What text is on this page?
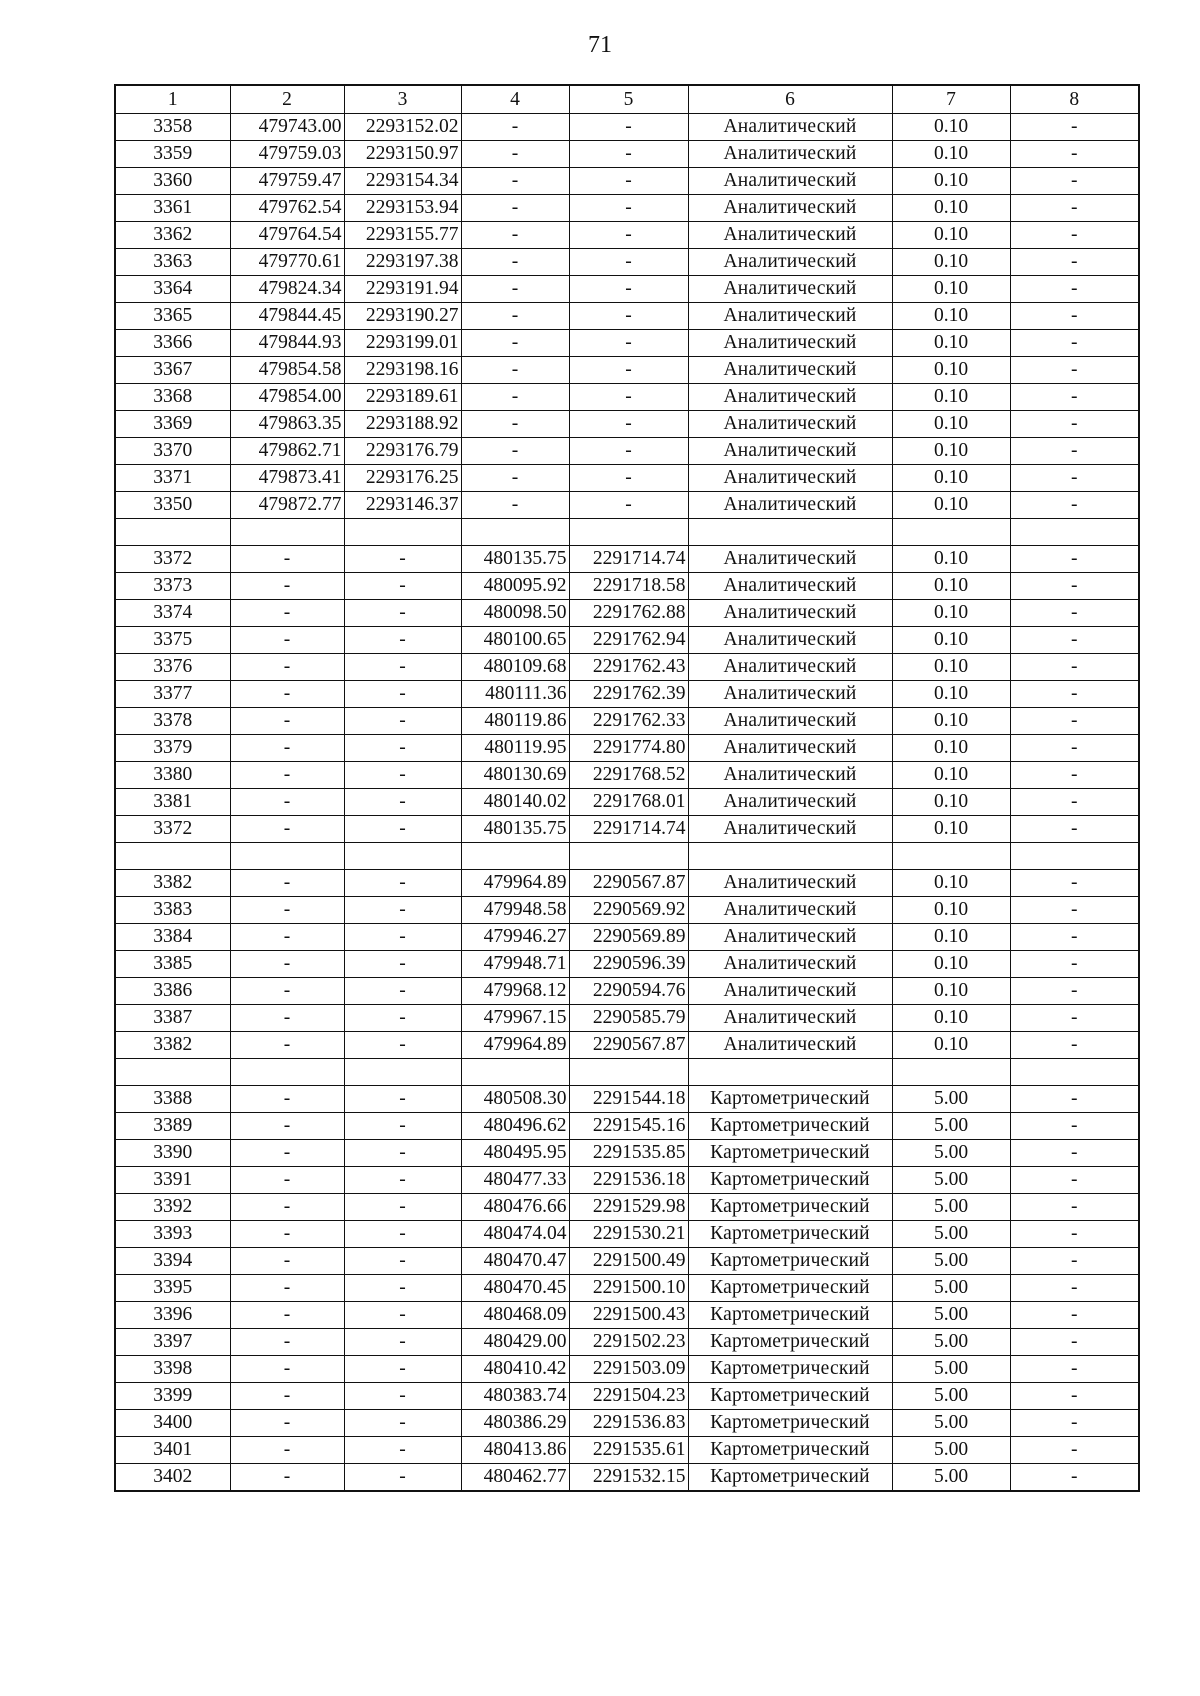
71
1	2	3	4	5	6	7	8
3358	479743.00	2293152.02	-	-	Аналитический	0.10	-
3359	479759.03	2293150.97	-	-	Аналитический	0.10	-
3360	479759.47	2293154.34	-	-	Аналитический	0.10	-
3361	479762.54	2293153.94	-	-	Аналитический	0.10	-
3362	479764.54	2293155.77	-	-	Аналитический	0.10	-
3363	479770.61	2293197.38	-	-	Аналитический	0.10	-
3364	479824.34	2293191.94	-	-	Аналитический	0.10	-
3365	479844.45	2293190.27	-	-	Аналитический	0.10	-
3366	479844.93	2293199.01	-	-	Аналитический	0.10	-
3367	479854.58	2293198.16	-	-	Аналитический	0.10	-
3368	479854.00	2293189.61	-	-	Аналитический	0.10	-
3369	479863.35	2293188.92	-	-	Аналитический	0.10	-
3370	479862.71	2293176.79	-	-	Аналитический	0.10	-
3371	479873.41	2293176.25	-	-	Аналитический	0.10	-
3350	479872.77	2293146.37	-	-	Аналитический	0.10	-

3372	-	-	480135.75	2291714.74	Аналитический	0.10	-
3373	-	-	480095.92	2291718.58	Аналитический	0.10	-
3374	-	-	480098.50	2291762.88	Аналитический	0.10	-
3375	-	-	480100.65	2291762.94	Аналитический	0.10	-
3376	-	-	480109.68	2291762.43	Аналитический	0.10	-
3377	-	-	480111.36	2291762.39	Аналитический	0.10	-
3378	-	-	480119.86	2291762.33	Аналитический	0.10	-
3379	-	-	480119.95	2291774.80	Аналитический	0.10	-
3380	-	-	480130.69	2291768.52	Аналитический	0.10	-
3381	-	-	480140.02	2291768.01	Аналитический	0.10	-
3372	-	-	480135.75	2291714.74	Аналитический	0.10	-

3382	-	-	479964.89	2290567.87	Аналитический	0.10	-
3383	-	-	479948.58	2290569.92	Аналитический	0.10	-
3384	-	-	479946.27	2290569.89	Аналитический	0.10	-
3385	-	-	479948.71	2290596.39	Аналитический	0.10	-
3386	-	-	479968.12	2290594.76	Аналитический	0.10	-
3387	-	-	479967.15	2290585.79	Аналитический	0.10	-
3382	-	-	479964.89	2290567.87	Аналитический	0.10	-

3388	-	-	480508.30	2291544.18	Картометрический	5.00	-
3389	-	-	480496.62	2291545.16	Картометрический	5.00	-
3390	-	-	480495.95	2291535.85	Картометрический	5.00	-
3391	-	-	480477.33	2291536.18	Картометрический	5.00	-
3392	-	-	480476.66	2291529.98	Картометрический	5.00	-
3393	-	-	480474.04	2291530.21	Картометрический	5.00	-
3394	-	-	480470.47	2291500.49	Картометрический	5.00	-
3395	-	-	480470.45	2291500.10	Картометрический	5.00	-
3396	-	-	480468.09	2291500.43	Картометрический	5.00	-
3397	-	-	480429.00	2291502.23	Картометрический	5.00	-
3398	-	-	480410.42	2291503.09	Картометрический	5.00	-
3399	-	-	480383.74	2291504.23	Картометрический	5.00	-
3400	-	-	480386.29	2291536.83	Картометрический	5.00	-
3401	-	-	480413.86	2291535.61	Картометрический	5.00	-
3402	-	-	480462.77	2291532.15	Картометрический	5.00	-
